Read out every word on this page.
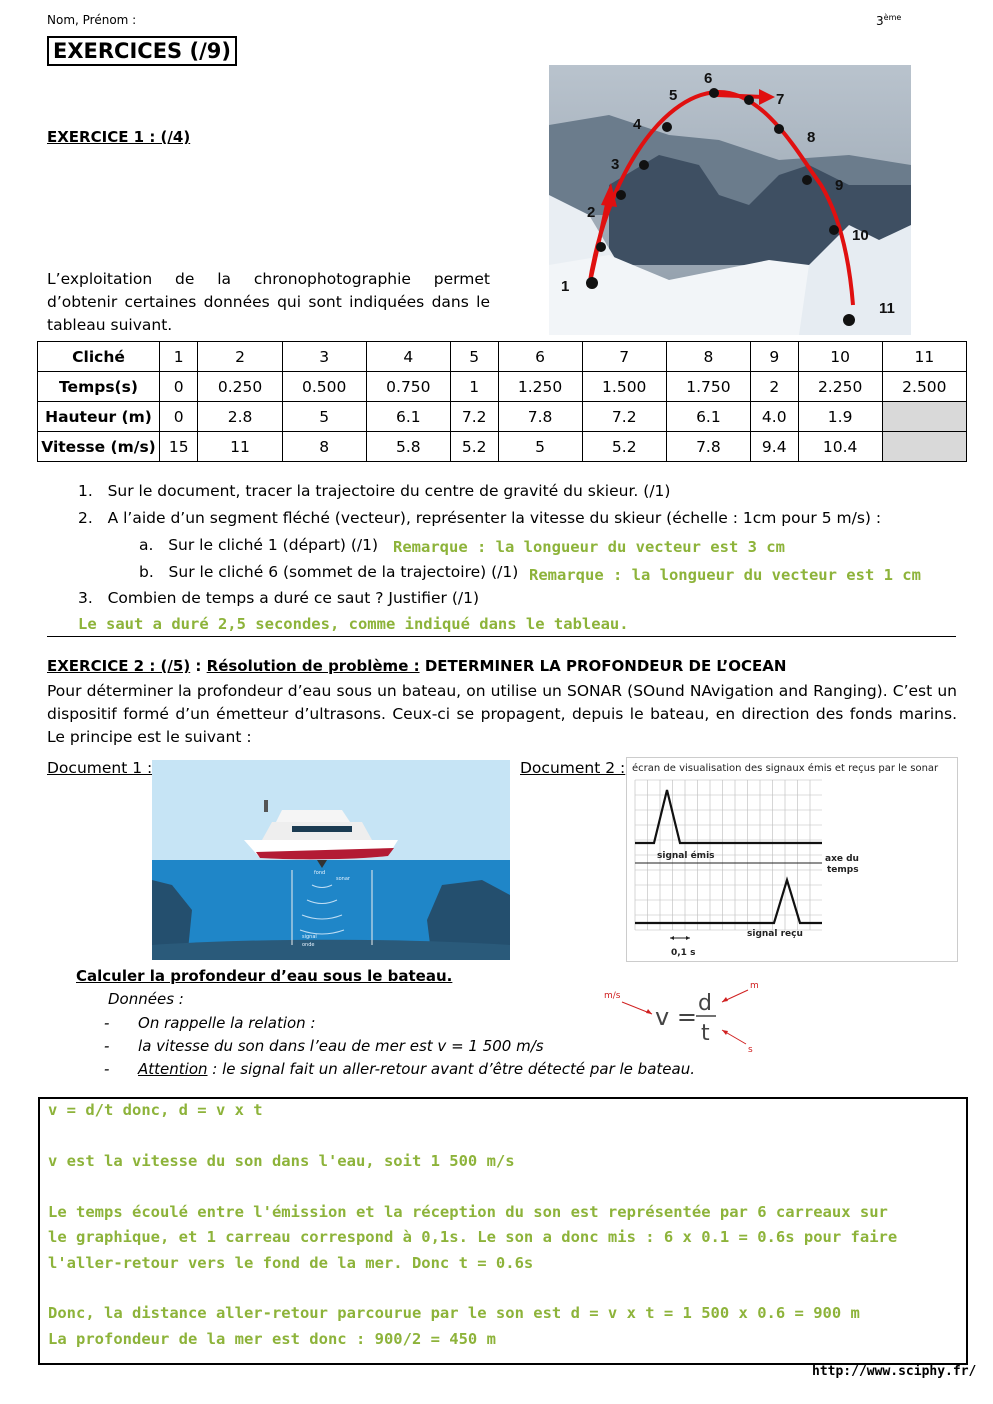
Nom, Prénom :	3ème
EXERCICES (/9)
EXERCICE 1 : (/4)
L’exploitation de la chronophotographie permet d’obtenir certaines données qui sont indiquées dans le tableau suivant.
1
2
3
4
5
6
7
8
9
10
11
Cliché	1	2	3	4	5	6	7	8	9	10	11
Temps(s)	0	0.250	0.500	0.750	1	1.250	1.500	1.750	2	2.250	2.500
Hauteur (m)	0	2.8	5	6.1	7.2	7.8	7.2	6.1	4.0	1.9	
Vitesse (m/s)	15	11	8	5.8	5.2	5	5.2	7.8	9.4	10.4	
1.   Sur le document, tracer la trajectoire du centre de gravité du skieur. (/1)
2.   A l’aide d’un segment fléché (vecteur), représenter la vitesse du skieur (échelle : 1cm pour 5 m/s) :
a.   Sur le cliché 1 (départ) (/1) Remarque : la longueur du vecteur est 3 cm
b.   Sur le cliché 6 (sommet de la trajectoire) (/1) Remarque : la longueur du vecteur est 1 cm
3.   Combien de temps a duré ce saut ? Justifier (/1)
Le saut a duré 2,5 secondes, comme indiqué dans le tableau.
EXERCICE 2 : (/5) : Résolution de problème : DETERMINER LA PROFONDEUR DE L’OCEAN
Pour déterminer la profondeur d’eau sous un bateau, on utilise un SONAR (SOund NAvigation and Ranging). C’est un dispositif formé d’un émetteur d’ultrasons. Ceux-ci se propagent, depuis le bateau, en direction des fonds marins. Le principe est le suivant :
Document 1 :	Document 2 :
fond
sonar
signal
onde
écran de visualisation des signaux émis et reçus par le sonar
signal émis	axe du
temps
signal reçu
0,1 s
Calculer la profondeur d’eau sous le bateau.
Données :
-      On rappelle la relation :
-      la vitesse du son dans l’eau de mer est v = 1 500 m/s
-      Attention : le signal fait un aller-retour avant d’être détecté par le bateau.
v = d
t
m/s
m
s
v = d/t donc, d = v x t
v est la vitesse du son dans l'eau, soit 1 500 m/s
Le temps écoulé entre l'émission et la réception du son est représentée par 6 carreaux sur
le graphique, et 1 carreau correspond à 0,1s. Le son a donc mis : 6 x 0.1 = 0.6s pour faire
l'aller-retour vers le fond de la mer. Donc t = 0.6s
Donc, la distance aller-retour parcourue par le son est d = v x t = 1 500 x 0.6 = 900 m
La profondeur de la mer est donc : 900/2 = 450 m
http://www.sciphy.fr/
